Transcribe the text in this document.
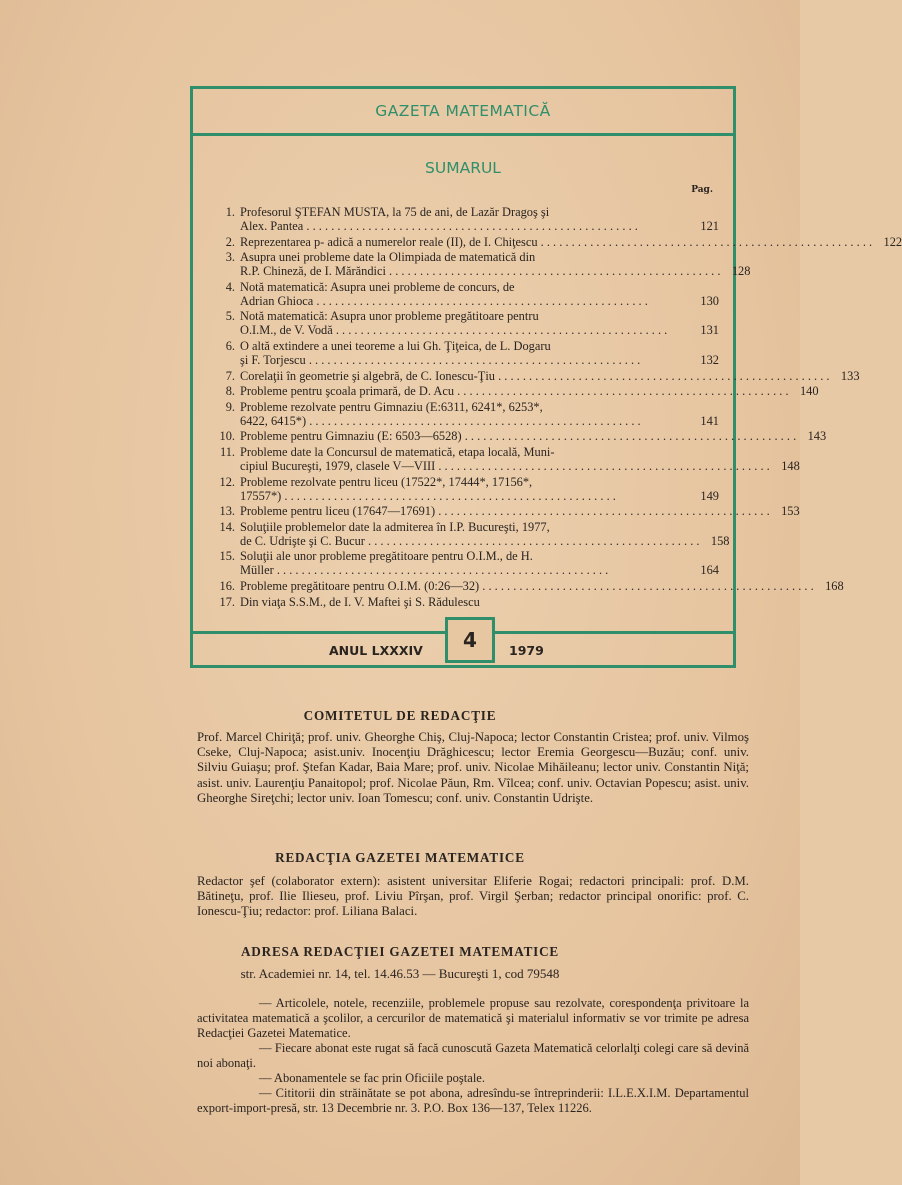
GAZETA MATEMATICĂ
SUMARUL
Pag.
1. Profesorul ŞTEFAN MUSTA, la 75 de ani, de Lazăr Dragoş şi
Alex. Pantea . . .	121
2. Reprezentarea p- adică a numerelor reale (II), de I. Chiţescu . . .	122
3. Asupra unei probleme date la Olimpiada de matematică din
R.P. Chineză, de I. Mărăndici . . .	128
4. Notă matematică: Asupra unei probleme de concurs, de
Adrian Ghioca . . .	130
5. Notă matematică: Asupra unor probleme pregătitoare pentru
O.I.M., de V. Vodă . . .	131
6. O altă extindere a unei teoreme a lui Gh. Ţiţeica, de L. Dogaru
şi F. Torjescu . . .	132
7. Corelaţii în geometrie şi algebră, de C. Ionescu-Ţiu . . .	133
8. Probleme pentru şcoala primară, de D. Acu . . .	140
9. Probleme rezolvate pentru Gimnaziu (E:6311, 6241*, 6253*,
6422, 6415*) . . .	141
10. Probleme pentru Gimnaziu (E: 6503—6528) . . .	143
11. Probleme date la Concursul de matematică, etapa locală, Muni-
cipiul Bucureşti, 1979, clasele V—VIII . . .	148
12. Probleme rezolvate pentru liceu (17522*, 17444*, 17156*,
17557*) . . .	149
13. Probleme pentru liceu (17647—17691) . . .	153
14. Soluţiile problemelor date la admiterea în I.P. Bucureşti, 1977,
de C. Udrişte şi C. Bucur . . .	158
15. Soluţii ale unor probleme pregătitoare pentru O.I.M., de H.
Müller . . .	164
16. Probleme pregătitoare pentru O.I.M. (0:26—32) . . .	168
17. Din viaţa S.S.M., de I. V. Maftei şi S. Rădulescu
ANUL LXXXIV	4	1979
COMITETUL DE REDACŢIE
Prof. Marcel Chiriţă; prof. univ. Gheorghe Chiş, Cluj-Napoca; lector Constantin Cristea; prof. univ. Vilmoş Cseke, Cluj-Napoca; asist.univ. Inocenţiu Drăghicescu; lector Eremia Georgescu—Buzău; conf. univ. Silviu Guiaşu; prof. Ştefan Kadar, Baia Mare; prof. univ. Nicolae Mihăileanu; lector univ. Constantin Niţă; asist. univ. Laurenţiu Panaitopol; prof. Nicolae Păun, Rm. Vîlcea; conf. univ. Octavian Popescu; asist. univ. Gheorghe Sireţchi; lector univ. Ioan Tomescu; conf. univ. Constantin Udrişte.
REDACŢIA GAZETEI MATEMATICE
Redactor şef (colaborator extern): asistent universitar Eliferie Rogai; redactori principali: prof. D.M. Bătineţu, prof. Ilie Ilieseu, prof. Liviu Pîrşan, prof. Virgil Şerban; redactor principal onorific: prof. C. Ionescu-Ţiu; redactor: prof. Liliana Balaci.
ADRESA REDACŢIEI GAZETEI MATEMATICE
str. Academiei nr. 14, tel. 14.46.53 — Bucureşti 1, cod 79548

— Articolele, notele, recenziile, problemele propuse sau rezolvate, corespondenţa privitoare la activitatea matematică a şcolilor, a cercurilor de matematică şi materialul informativ se vor trimite pe adresa Redacţiei Gazetei Matematice.

— Fiecare abonat este rugat să facă cunoscută Gazeta Matematică celorlalţi colegi care să devină noi abonaţi.

— Abonamentele se fac prin Oficiile poştale.

— Cititorii din străinătate se pot abona, adresîndu-se întreprinderii: I.L.E.X.I.M. Departamentul export-import-presă, str. 13 Decembrie nr. 3. P.O. Box 136—137, Telex 11226.
